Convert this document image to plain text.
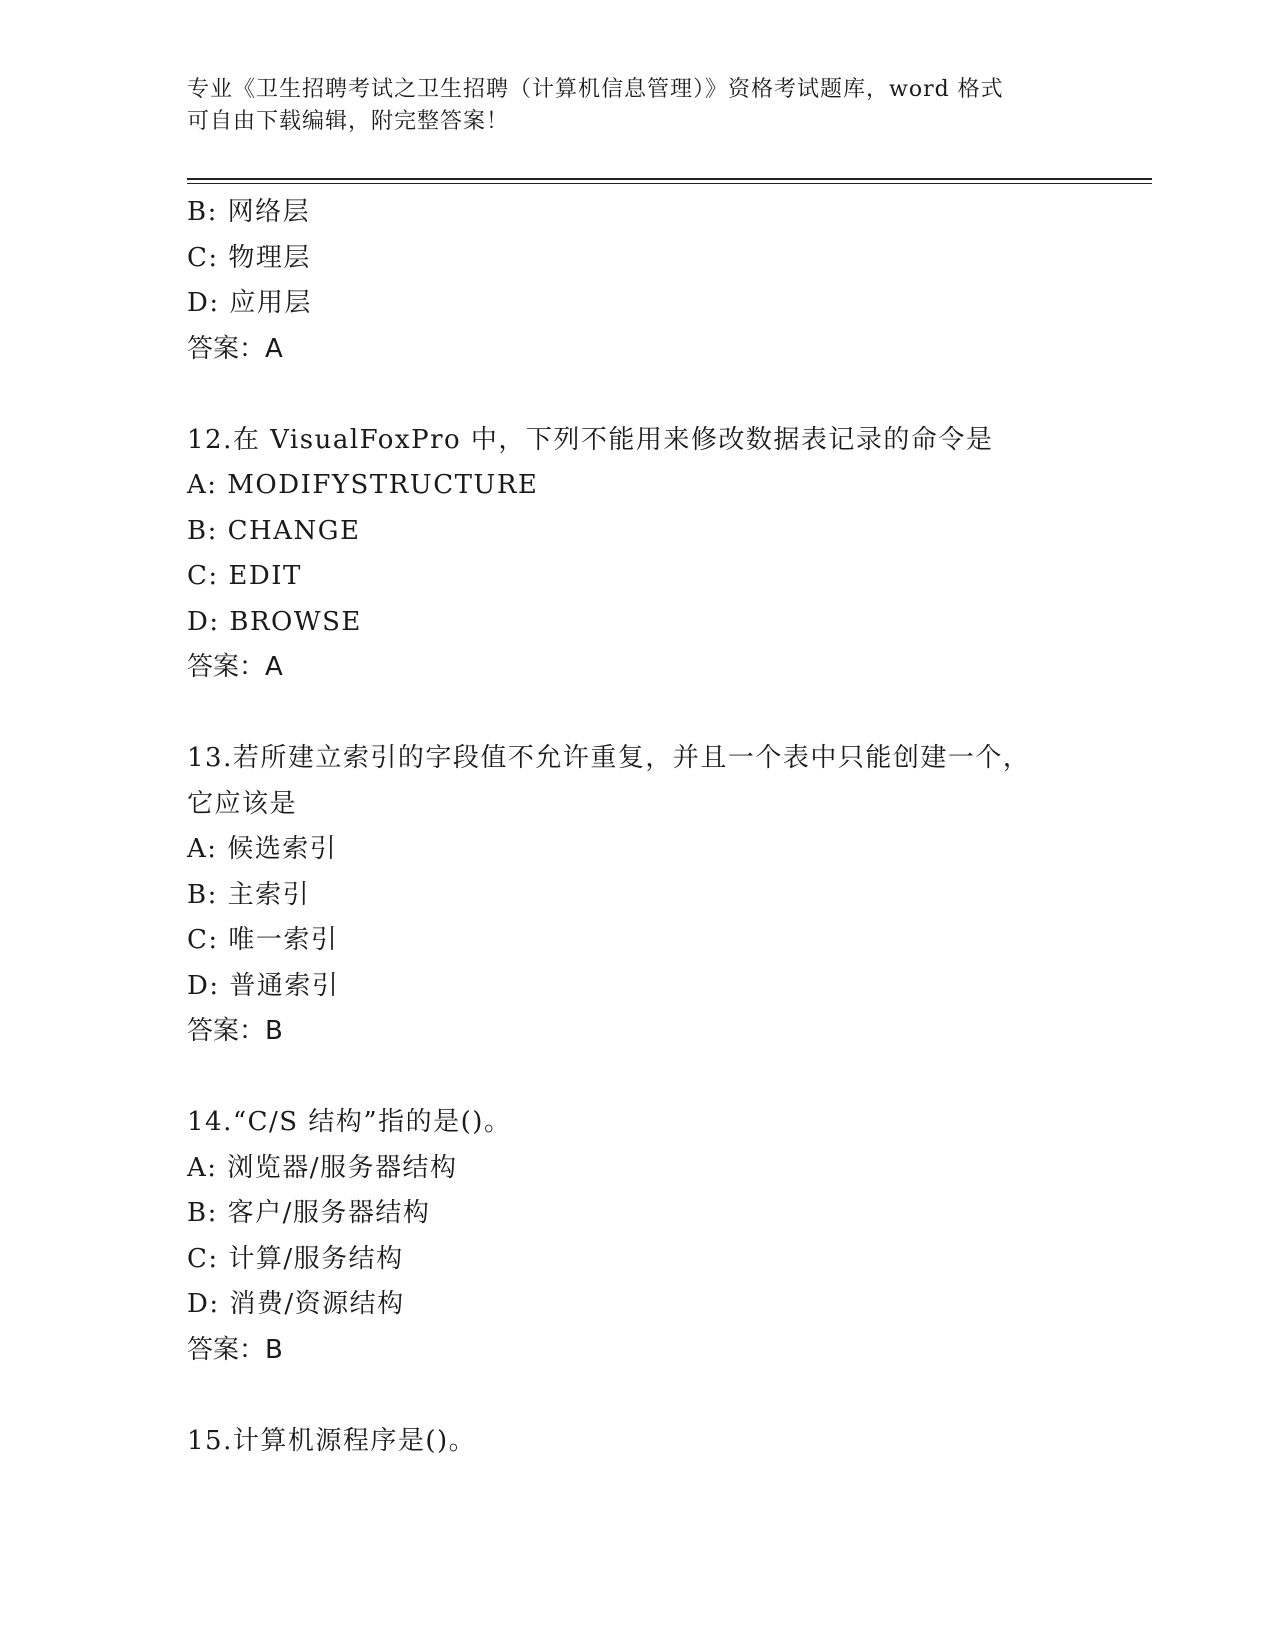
专业《卫生招聘考试之卫生招聘（计算机信息管理）》资格考试题库，word 格式
可自由下载编辑，附完整答案！
B: 网络层
C: 物理层
D: 应用层
答案：A
12.在 VisualFoxPro 中，下列不能用来修改数据表记录的命令是
A: MODIFYSTRUCTURE
B: CHANGE
C: EDIT
D: BROWSE
答案：A
13.若所建立索引的字段值不允许重复，并且一个表中只能创建一个，
它应该是
A: 候选索引
B: 主索引
C: 唯一索引
D: 普通索引
答案：B
14.“C/S 结构”指的是()。
A: 浏览器/服务器结构
B: 客户/服务器结构
C: 计算/服务结构
D: 消费/资源结构
答案：B
15.计算机源程序是()。
